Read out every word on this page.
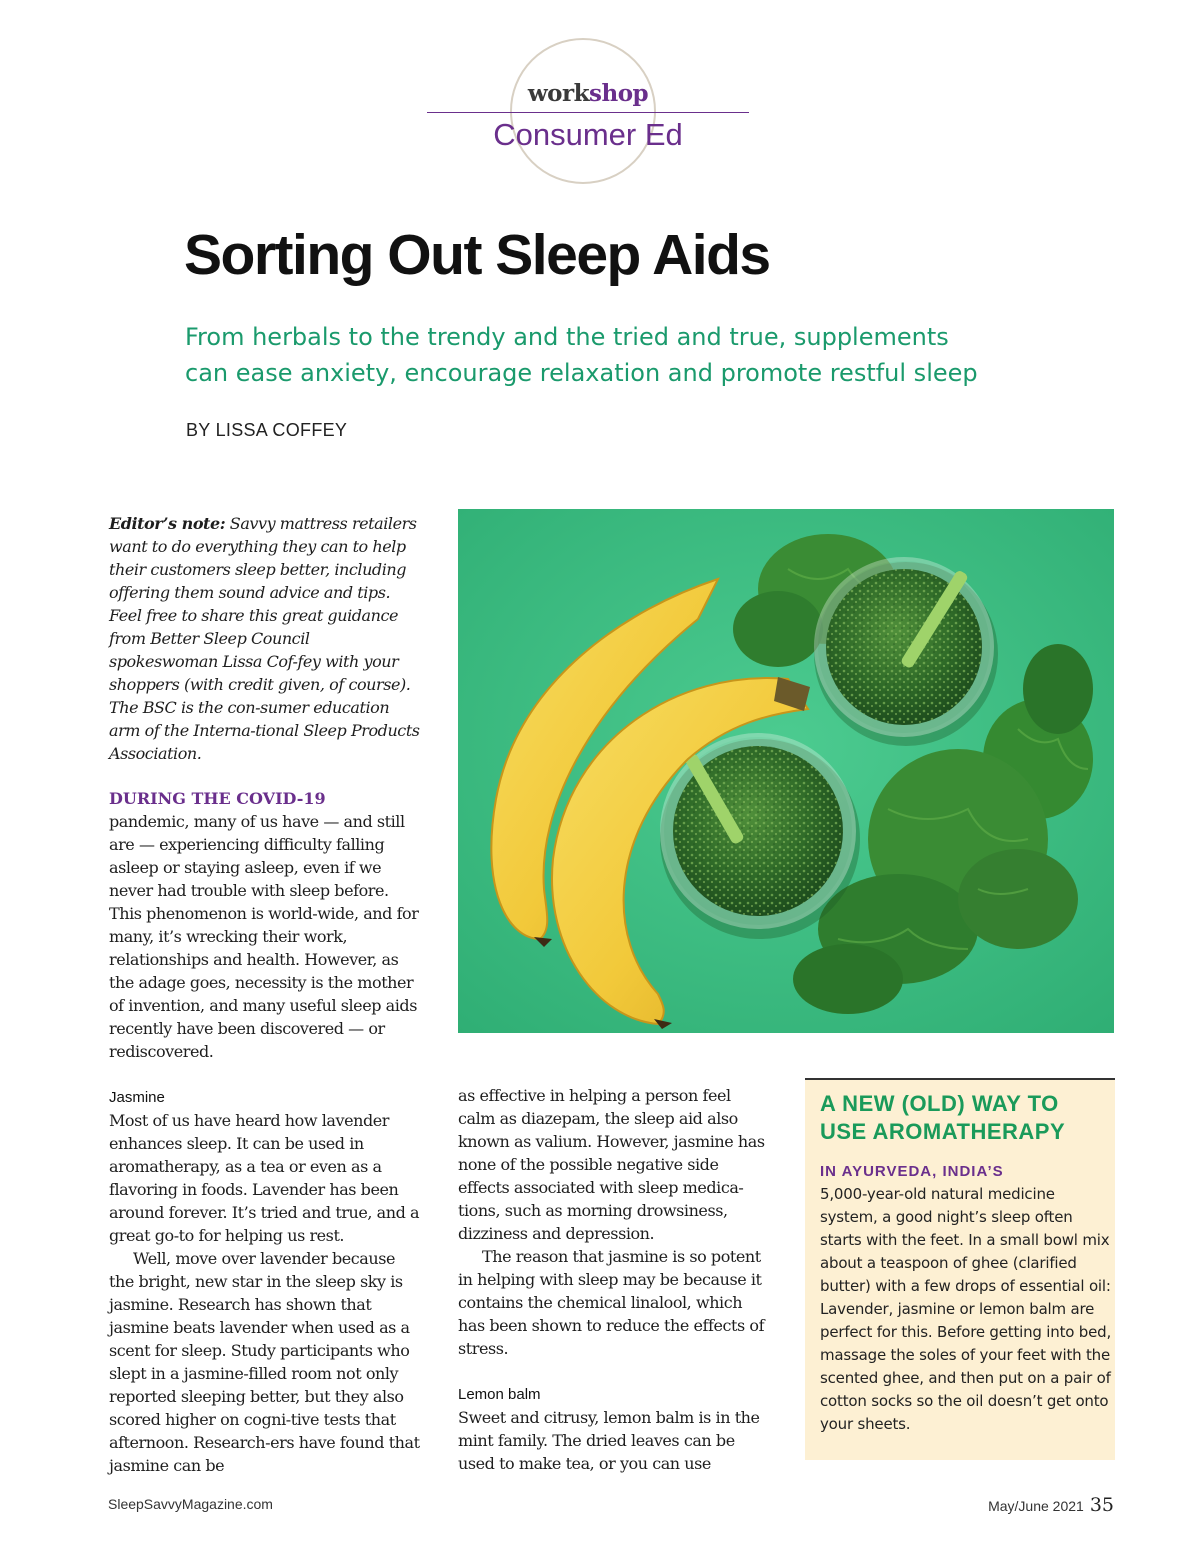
workshop
Consumer Ed
Sorting Out Sleep Aids
From herbals to the trendy and the tried and true, supplements
can ease anxiety, encourage relaxation and promote restful sleep
BY LISSA COFFEY

Editor’s note: Savvy mattress retailers want to do everything they can to help their customers sleep better, including offering them sound advice and tips. Feel free to share this great guidance from Better Sleep Council spokeswoman Lissa Cof-fey with your shoppers (with credit given, of course). The BSC is the con-sumer education arm of the Interna-tional Sleep Products Association.

DURING THE COVID-19
pandemic, many of us have — and still are — experiencing difficulty falling asleep or staying asleep, even if we never had trouble with sleep before. This phenomenon is world-wide, and for many, it’s wrecking their work, relationships and health. However, as the adage goes, necessity is the mother of invention, and many useful sleep aids recently have been discovered — or rediscovered.

Jasmine

Most of us have heard how lavender enhances sleep. It can be used in aromatherapy, as a tea or even as a flavoring in foods. Lavender has been around forever. It’s tried and true, and a great go-to for helping us rest.

Well, move over lavender because the bright, new star in the sleep sky is jasmine. Research has shown that jasmine beats lavender when used as a scent for sleep. Study participants who slept in a jasmine-filled room not only reported sleeping better, but they also scored higher on cogni-tive tests that afternoon. Research-ers have found that jasmine can be

as effective in helping a person feel calm as diazepam, the sleep aid also known as valium. However, jasmine has none of the possible negative side effects associated with sleep medica-tions, such as morning drowsiness, dizziness and depression.

The reason that jasmine is so potent in helping with sleep may be because it contains the chemical linalool, which has been shown to reduce the effects of stress.

Lemon balm

Sweet and citrusy, lemon balm is in the mint family. The dried leaves can be used to make tea, or you can use

A NEW (OLD) WAY TO USE AROMATHERAPY
IN AYURVEDA, INDIA’S
5,000-year-old natural medicine system, a good night’s sleep often starts with the feet. In a small bowl mix about a teaspoon of ghee (clarified butter) with a few drops of essential oil: Lavender, jasmine or lemon balm are perfect for this. Before getting into bed, massage the soles of your feet with the scented ghee, and then put on a pair of cotton socks so the oil doesn’t get onto your sheets.
SleepSavvyMagazine.com	May/June 2021 35
